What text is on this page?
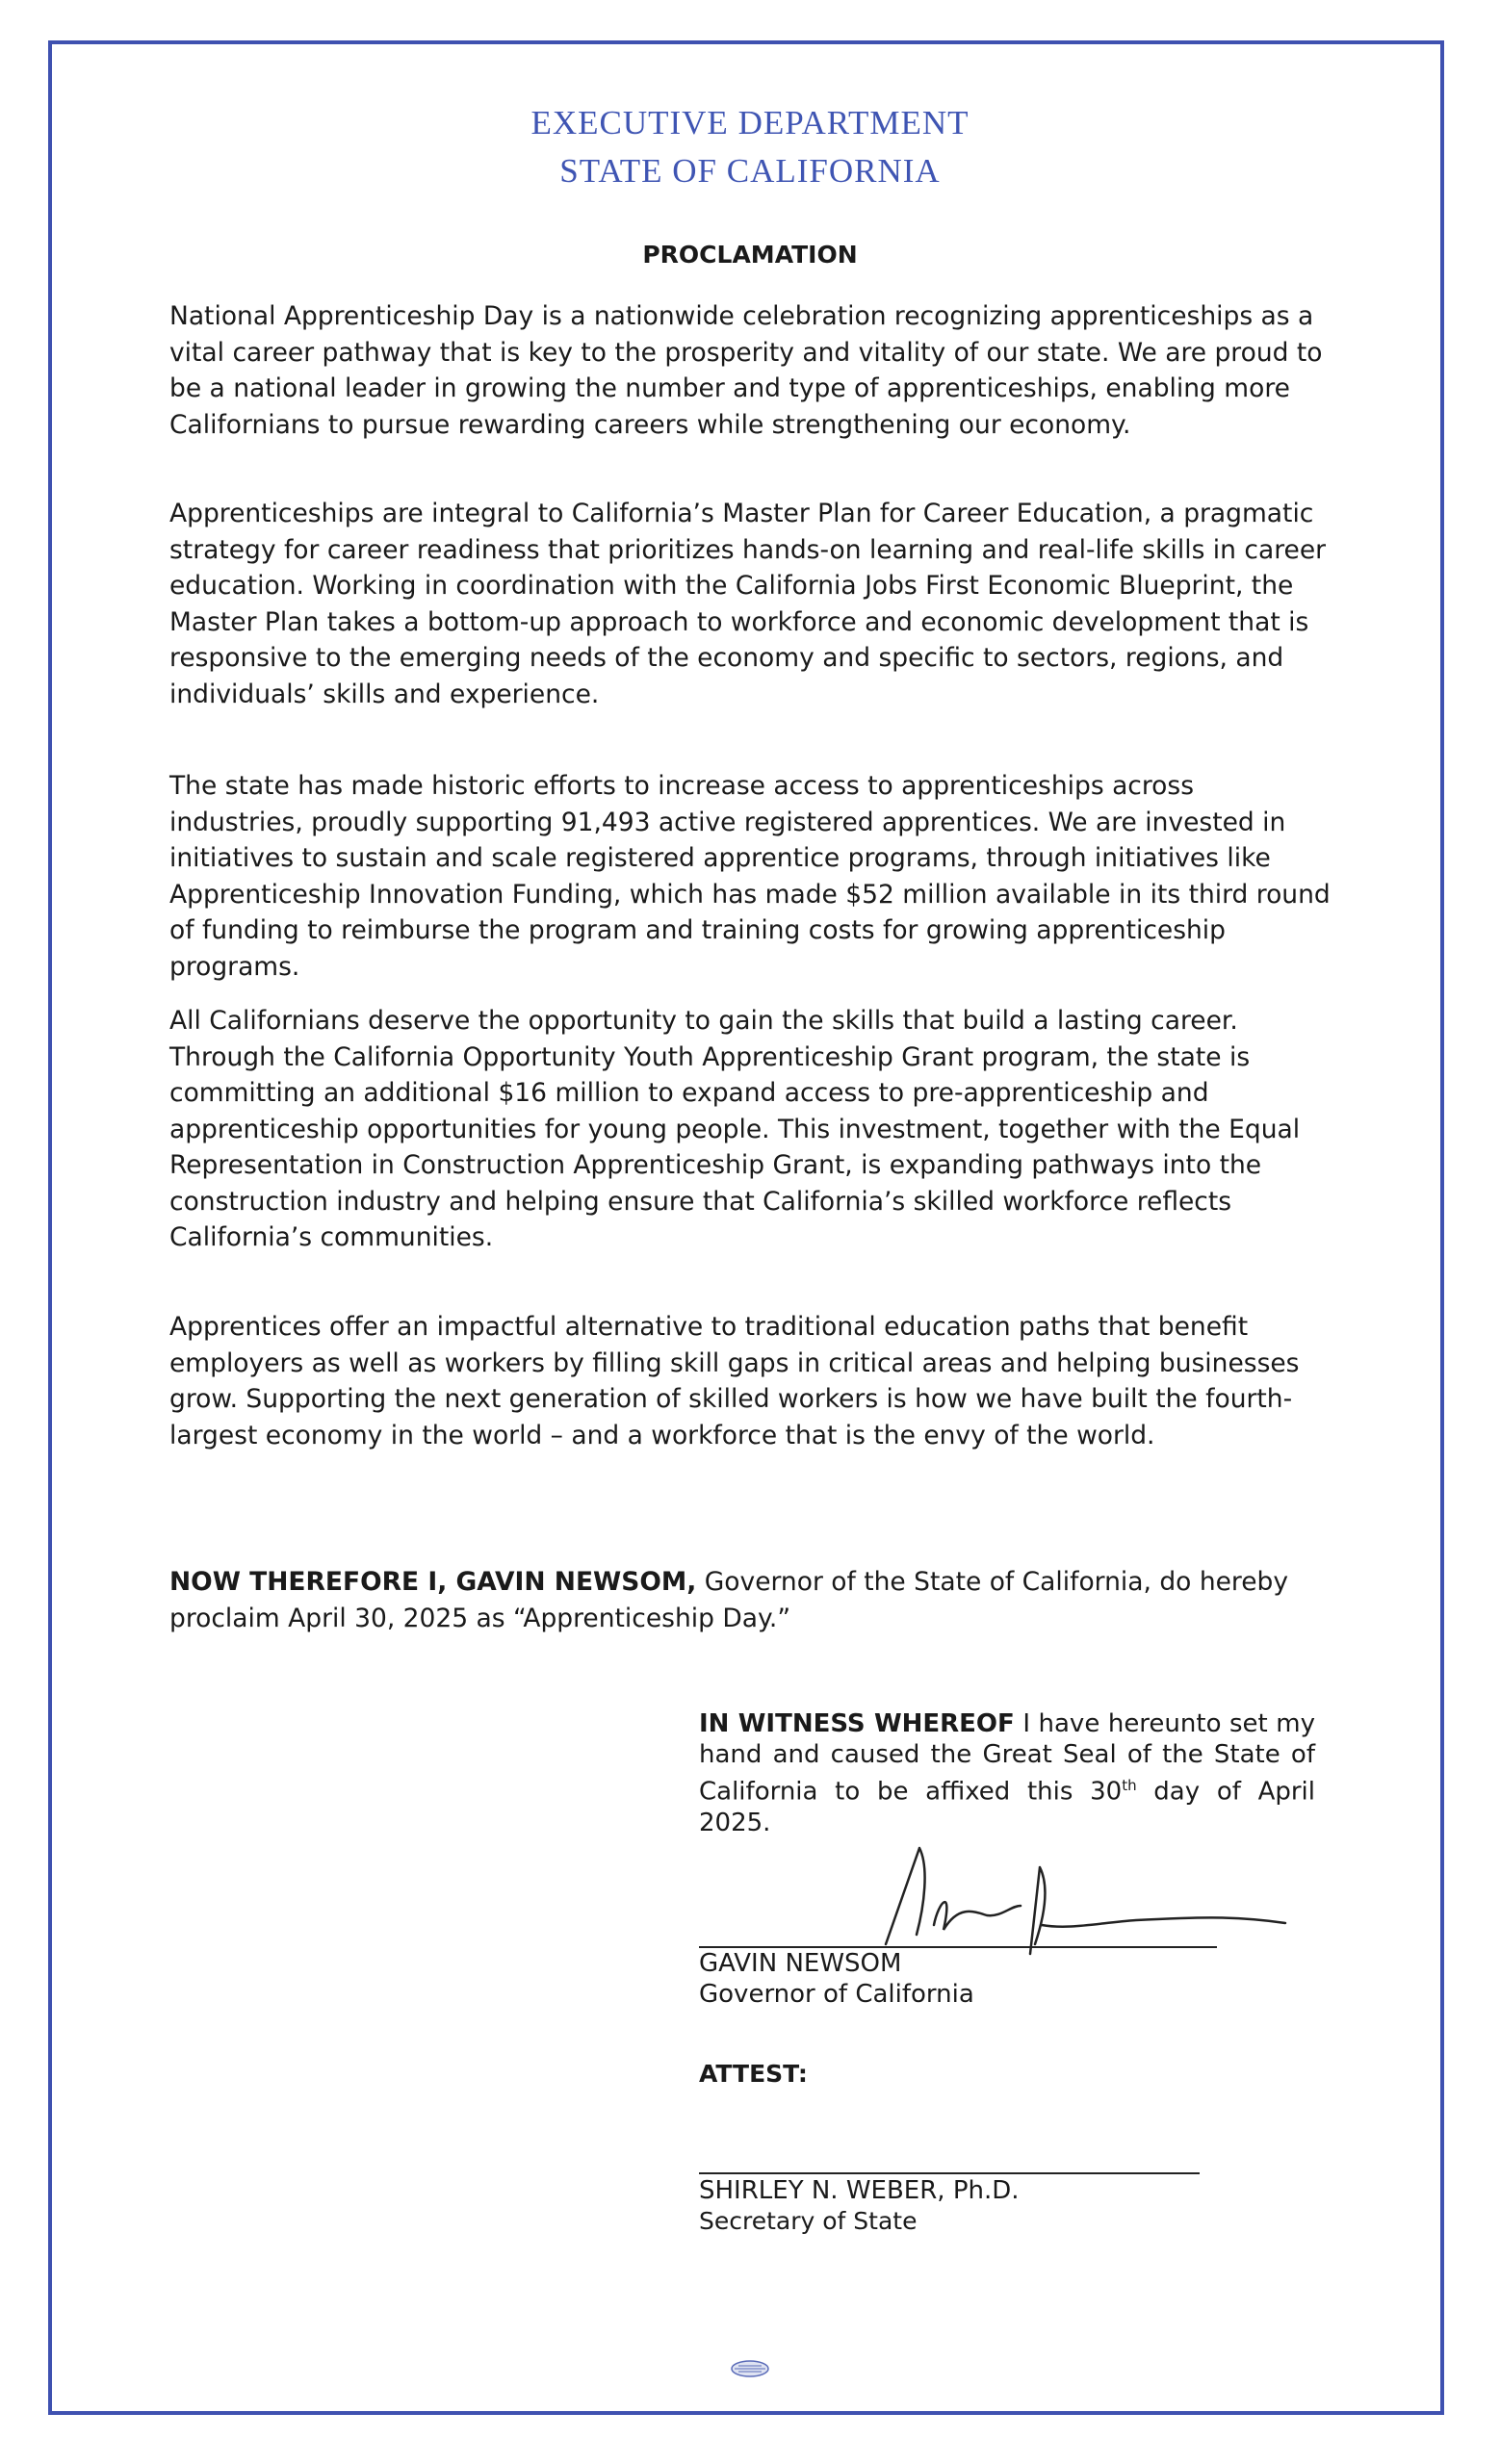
EXECUTIVE DEPARTMENT
STATE OF CALIFORNIA
PROCLAMATION
National Apprenticeship Day is a nationwide celebration recognizing apprenticeships as a vital career pathway that is key to the prosperity and vitality of our state. We are proud to be a national leader in growing the number and type of apprenticeships, enabling more Californians to pursue rewarding careers while strengthening our economy.
Apprenticeships are integral to California’s Master Plan for Career Education, a pragmatic strategy for career readiness that prioritizes hands-on learning and real-life skills in career education. Working in coordination with the California Jobs First Economic Blueprint, the Master Plan takes a bottom-up approach to workforce and economic development that is responsive to the emerging needs of the economy and specific to sectors, regions, and individuals’ skills and experience.
The state has made historic efforts to increase access to apprenticeships across industries, proudly supporting 91,493 active registered apprentices. We are invested in initiatives to sustain and scale registered apprentice programs, through initiatives like Apprenticeship Innovation Funding, which has made $52 million available in its third round of funding to reimburse the program and training costs for growing apprenticeship programs.
All Californians deserve the opportunity to gain the skills that build a lasting career. Through the California Opportunity Youth Apprenticeship Grant program, the state is committing an additional $16 million to expand access to pre-apprenticeship and apprenticeship opportunities for young people. This investment, together with the Equal Representation in Construction Apprenticeship Grant, is expanding pathways into the construction industry and helping ensure that California’s skilled workforce reflects California’s communities.
Apprentices offer an impactful alternative to traditional education paths that benefit employers as well as workers by filling skill gaps in critical areas and helping businesses grow. Supporting the next generation of skilled workers is how we have built the fourth-largest economy in the world – and a workforce that is the envy of the world.
NOW THEREFORE I, GAVIN NEWSOM, Governor of the State of California, do hereby proclaim April 30, 2025 as “Apprenticeship Day.”
IN WITNESS WHEREOF I have hereunto set my hand and caused the Great Seal of the State of California to be affixed this 30th day of April 2025.
GAVIN NEWSOM
Governor of California
ATTEST:
SHIRLEY N. WEBER, Ph.D.
Secretary of State
